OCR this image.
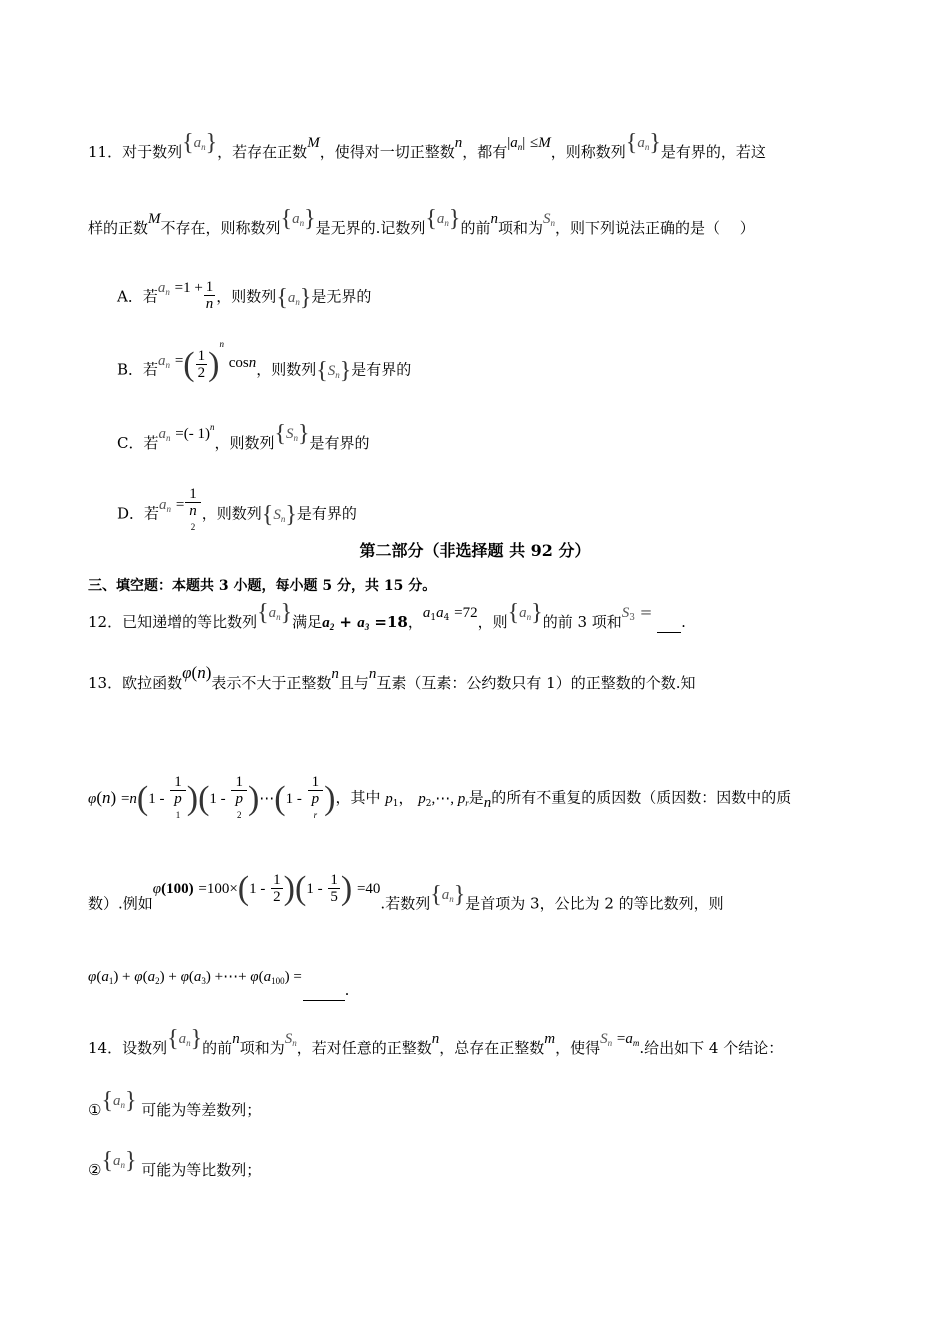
11．对于数列$\{a_n\}$，若存在正数M，使得对一切正整数n，都有$|a_n| \le M$，则称数列$\{a_n\}$是有界的，若这
样的正数M不存在，则称数列$\{a_n\}$是无界的.记数列$\{a_n\}$的前n项和为$S_n$，则下列说法正确的是（　 ）
A．若$a_n =1 + \frac{1}{n}$ ，则数列$\{a_n\}$是无界的
B．若$a_n$ =( $\frac{1}{2} )^n$ cosn，则数列$\{S_n\}$是有界的
C．若$a_n$ =(- 1)$^n$，则数列$\{S_n\}$是有界的
D．若$a_n = 1$
n
2 ，则数列$\{S_n\}$是有界的
第二部分（非选择题 共 92 分）
三、填空题：本题共 3 小题，每小题 5 分，共 15 分。
12．已知递增的等比数列$\{a_n\}$满足$a_2 + a_3 =18$，$a_1a_4 =72$，则$\{a_n\}$的前 3 项和$S_3$ =  .
13．欧拉函数φ(n)表示不大于正整数n且与n互素（互素：公约数只有 1）的正整数的个数.知
φ(n) =n(1 - 1
p
1 )(1 - 1
p
2 )⋯(1 - 1
p
r )，其中 $p_1$， $p_2,\cdots$, $p_r$是n的所有不重复的质因数（质因数：因数中的质
数）.例如$\varphi(100) =100\times(1 - \frac{1}{2} )(1 - \frac{1}{5}$ ) =40.若数列$\{a_n\}$是首项为 3，公比为 2 的等比数列，则
$\varphi(a_1) + \varphi(a_2) + \varphi(a_3)$ +⋯+ $\varphi(a_{100})$ =  .
14．设数列$\{a_n\}$的前n项和为$S_n$，若对任意的正整数n，总存在正整数m，使得$S_n =a_m$.给出如下 4 个结论：
$①\{a_n\}$ 可能为等差数列；
$②\{a_n\}$ 可能为等比数列；
